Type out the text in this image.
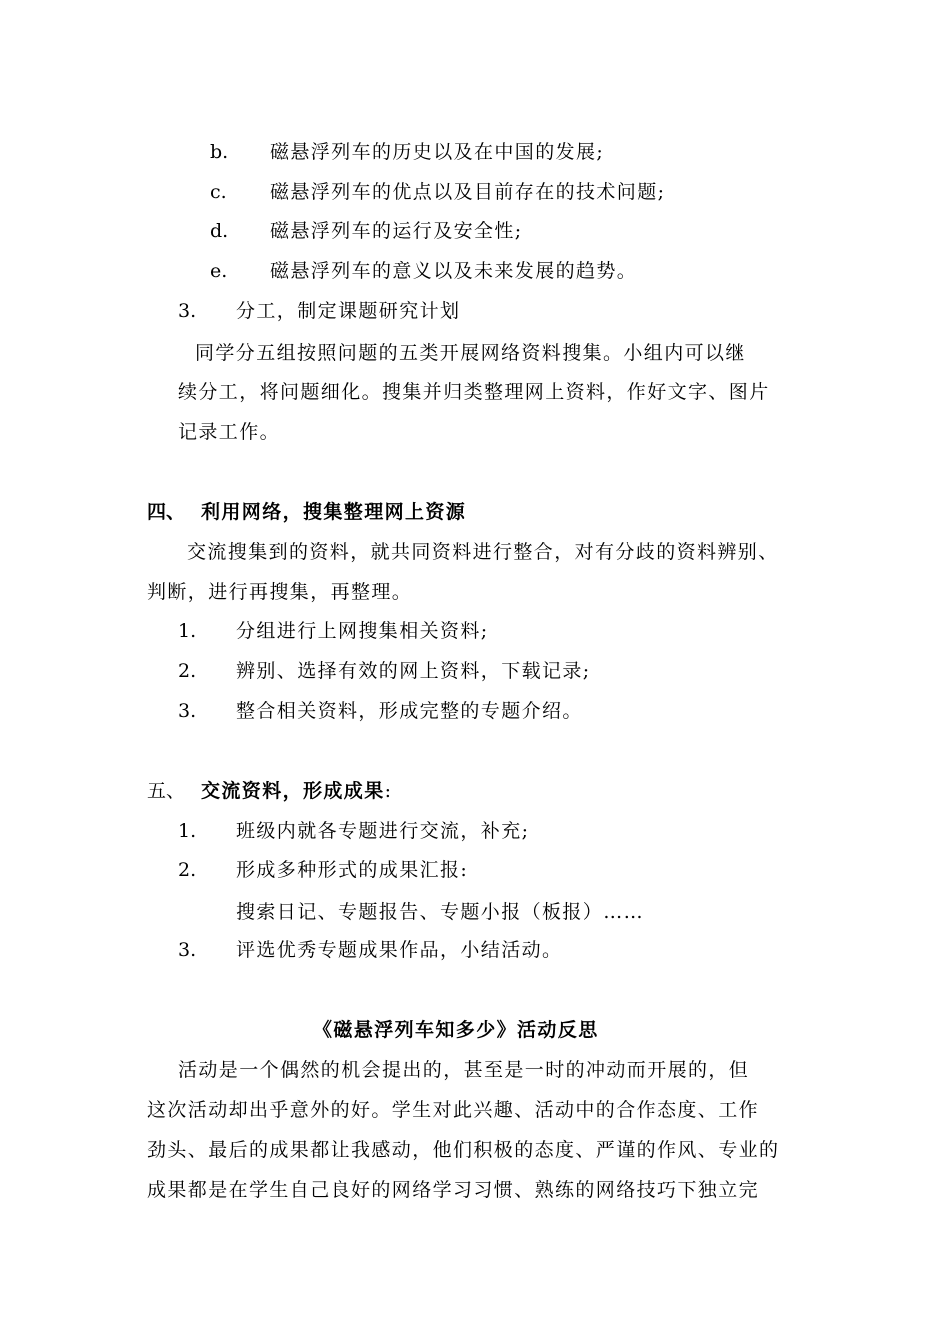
b. 磁悬浮列车的历史以及在中国的发展;
c. 磁悬浮列车的优点以及目前存在的技术问题;
d. 磁悬浮列车的运行及安全性;
e. 磁悬浮列车的意义以及未来发展的趋势。
3. 分工，制定课题研究计划
同学分五组按照问题的五类开展网络资料搜集。小组内可以继
续分工，将问题细化。搜集并归类整理网上资料，作好文字、图片
记录工作。
四、 利用网络，搜集整理网上资源
交流搜集到的资料，就共同资料进行整合，对有分歧的资料辨别、
判断，进行再搜集，再整理。
1. 分组进行上网搜集相关资料;
2. 辨别、选择有效的网上资料，下载记录;
3. 整合相关资料，形成完整的专题介绍。
五、 交流资料，形成成果:
1. 班级内就各专题进行交流，补充;
2. 形成多种形式的成果汇报:
搜索日记、专题报告、专题小报（板报）……
3. 评选优秀专题成果作品，小结活动。
《磁悬浮列车知多少》活动反思
活动是一个偶然的机会提出的，甚至是一时的冲动而开展的，但
这次活动却出乎意外的好。学生对此兴趣、活动中的合作态度、工作
劲头、最后的成果都让我感动，他们积极的态度、严谨的作风、专业的
成果都是在学生自己良好的网络学习习惯、熟练的网络技巧下独立完
